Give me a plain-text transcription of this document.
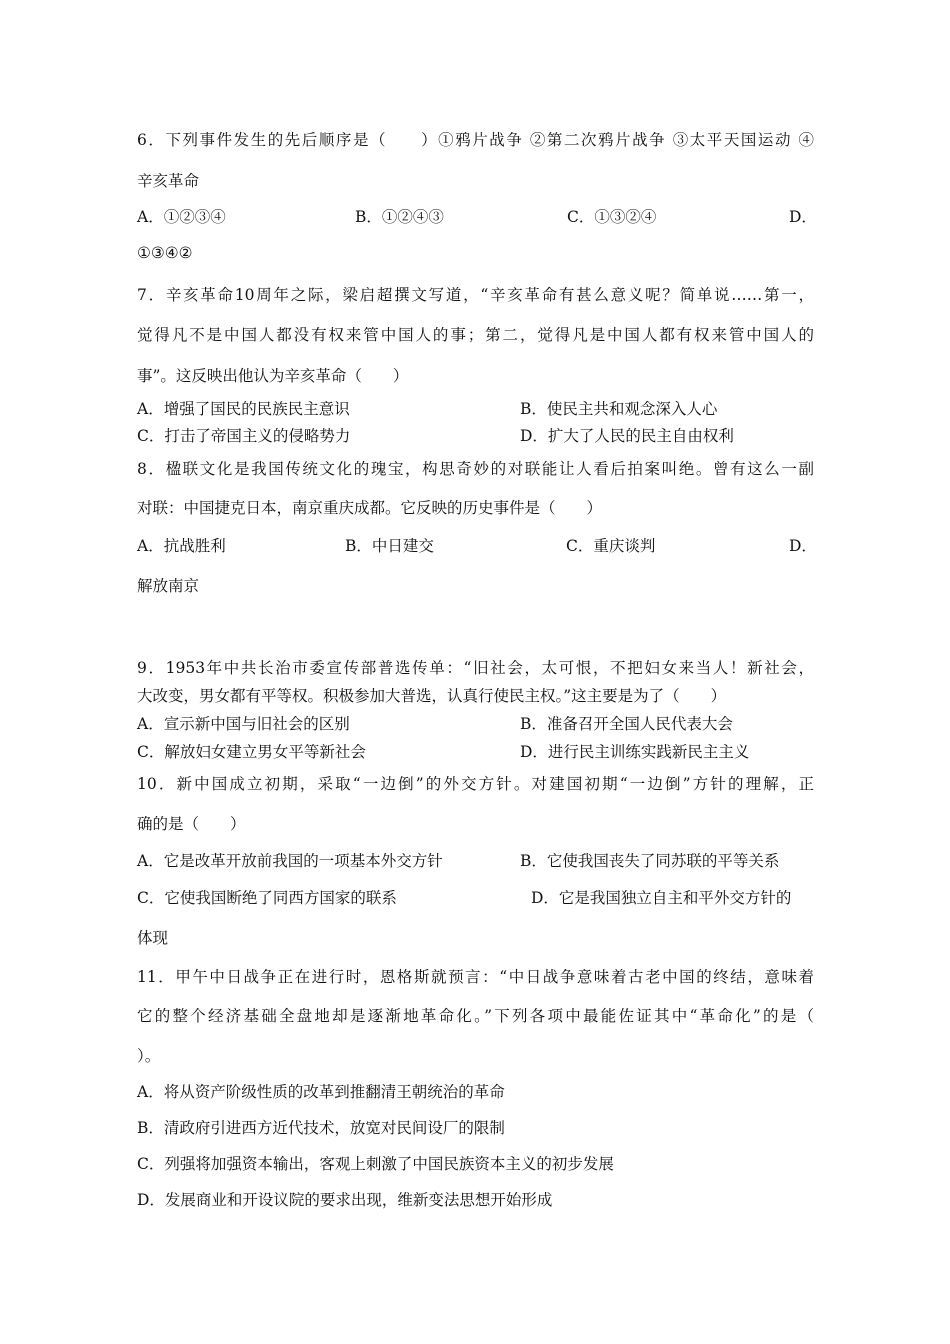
6．下列事件发生的先后顺序是（　　）①鸦片战争 ②第二次鸦片战争 ③太平天国运动 ④
辛亥革命
A．①②③④	B．①②④③	C．①③②④	D．
①③④②
7．辛亥革命10周年之际，梁启超撰文写道，“辛亥革命有甚么意义呢？简单说……第一，
觉得凡不是中国人都没有权来管中国人的事；第二，觉得凡是中国人都有权来管中国人的
事”。这反映出他认为辛亥革命（　　）
A．增强了国民的民族民主意识	B．使民主共和观念深入人心
C．打击了帝国主义的侵略势力	D．扩大了人民的民主自由权利
8．楹联文化是我国传统文化的瑰宝，构思奇妙的对联能让人看后拍案叫绝。曾有这么一副
对联：中国捷克日本，南京重庆成都。它反映的历史事件是（　　）
A．抗战胜利	B．中日建交	C．重庆谈判	D．
解放南京
9．1953年中共长治市委宣传部普选传单：“旧社会，太可恨，不把妇女来当人！新社会，
大改变，男女都有平等权。积极参加大普选，认真行使民主权。”这主要是为了（　　）
A．宣示新中国与旧社会的区别	B．准备召开全国人民代表大会
C．解放妇女建立男女平等新社会	D．进行民主训练实践新民主主义
10．新中国成立初期，采取“一边倒”的外交方针。对建国初期“一边倒”方针的理解，正
确的是（　　）
A．它是改革开放前我国的一项基本外交方针	B．它使我国丧失了同苏联的平等关系
C．它使我国断绝了同西方国家的联系	D．它是我国独立自主和平外交方针的
体现
11．甲午中日战争正在进行时，恩格斯就预言：“中日战争意味着古老中国的终结，意味着
它的整个经济基础全盘地却是逐渐地革命化。”下列各项中最能佐证其中“革命化”的是（
）。
A．将从资产阶级性质的改革到推翻清王朝统治的革命
B．清政府引进西方近代技术，放宽对民间设厂的限制
C．列强将加强资本输出，客观上刺激了中国民族资本主义的初步发展
D．发展商业和开设议院的要求出现，维新变法思想开始形成
